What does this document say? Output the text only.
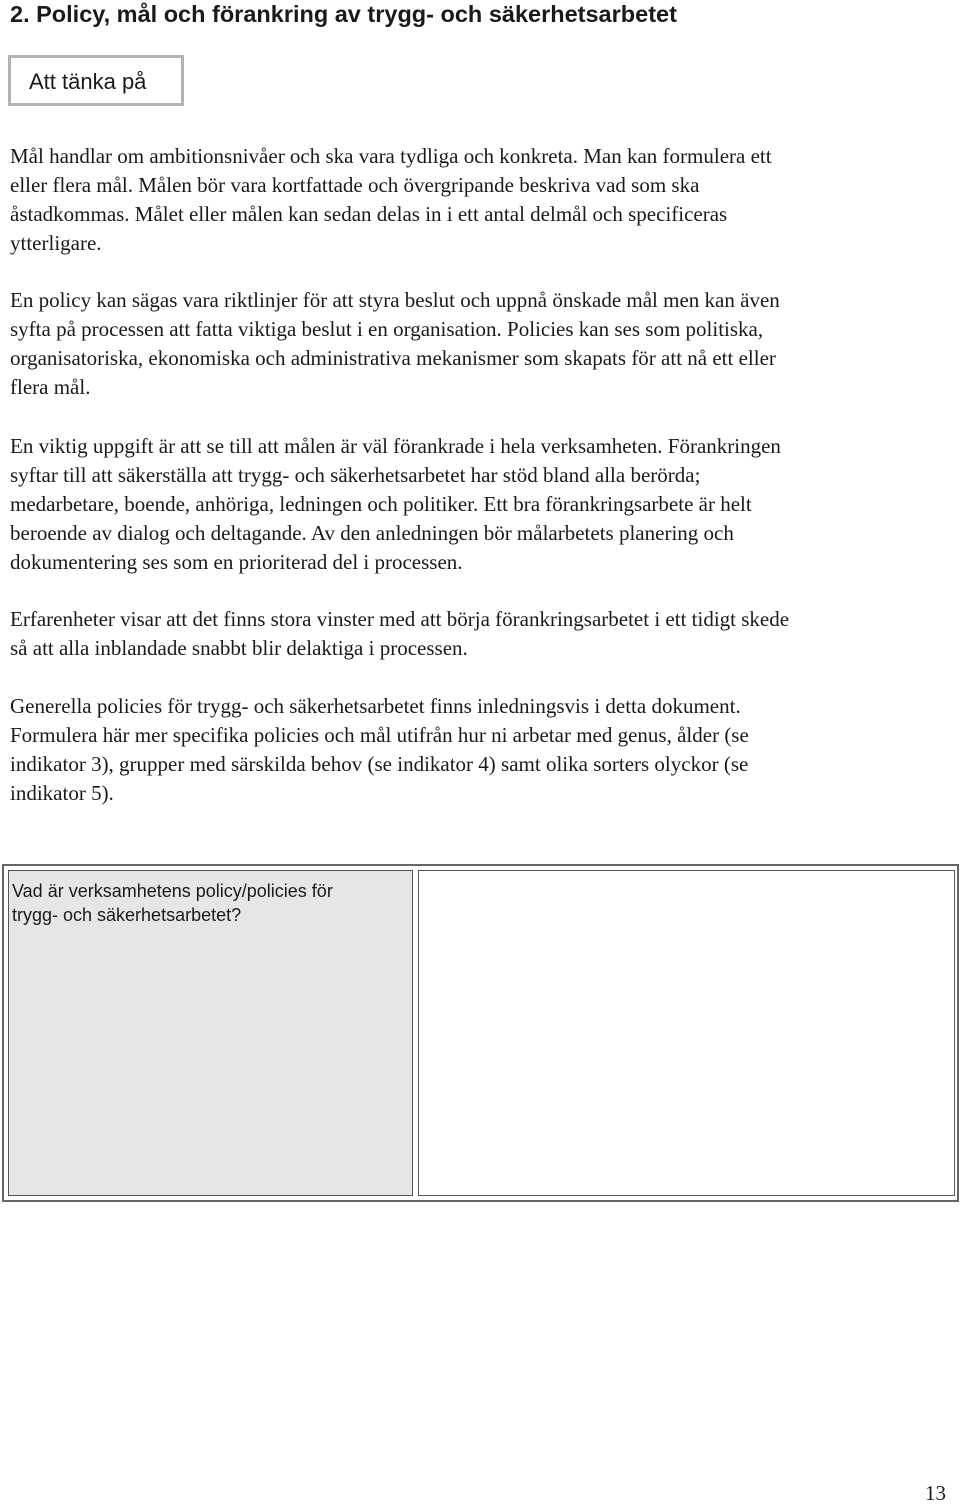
2. Policy, mål och förankring av trygg- och säkerhetsarbetet
Att tänka på

Mål handlar om ambitionsnivåer och ska vara tydliga och konkreta. Man kan formulera ett
eller flera mål. Målen bör vara kortfattade och övergripande beskriva vad som ska
åstadkommas. Målet eller målen kan sedan delas in i ett antal delmål och specificeras
ytterligare.

En policy kan sägas vara riktlinjer för att styra beslut och uppnå önskade mål men kan även
syfta på processen att fatta viktiga beslut i en organisation. Policies kan ses som politiska,
organisatoriska, ekonomiska och administrativa mekanismer som skapats för att nå ett eller
flera mål.

En viktig uppgift är att se till att målen är väl förankrade i hela verksamheten. Förankringen
syftar till att säkerställa att trygg- och säkerhetsarbetet har stöd bland alla berörda;
medarbetare, boende, anhöriga, ledningen och politiker. Ett bra förankringsarbete är helt
beroende av dialog och deltagande. Av den anledningen bör målarbetets planering och
dokumentering ses som en prioriterad del i processen.

Erfarenheter visar att det finns stora vinster med att börja förankringsarbetet i ett tidigt skede
så att alla inblandade snabbt blir delaktiga i processen.

Generella policies för trygg- och säkerhetsarbetet finns inledningsvis i detta dokument.
Formulera här mer specifika policies och mål utifrån hur ni arbetar med genus, ålder (se
indikator 3), grupper med särskilda behov (se indikator 4) samt olika sorters olyckor (se
indikator 5).

Vad är verksamhetens policy/policies för
trygg- och säkerhetsarbetet?
13
